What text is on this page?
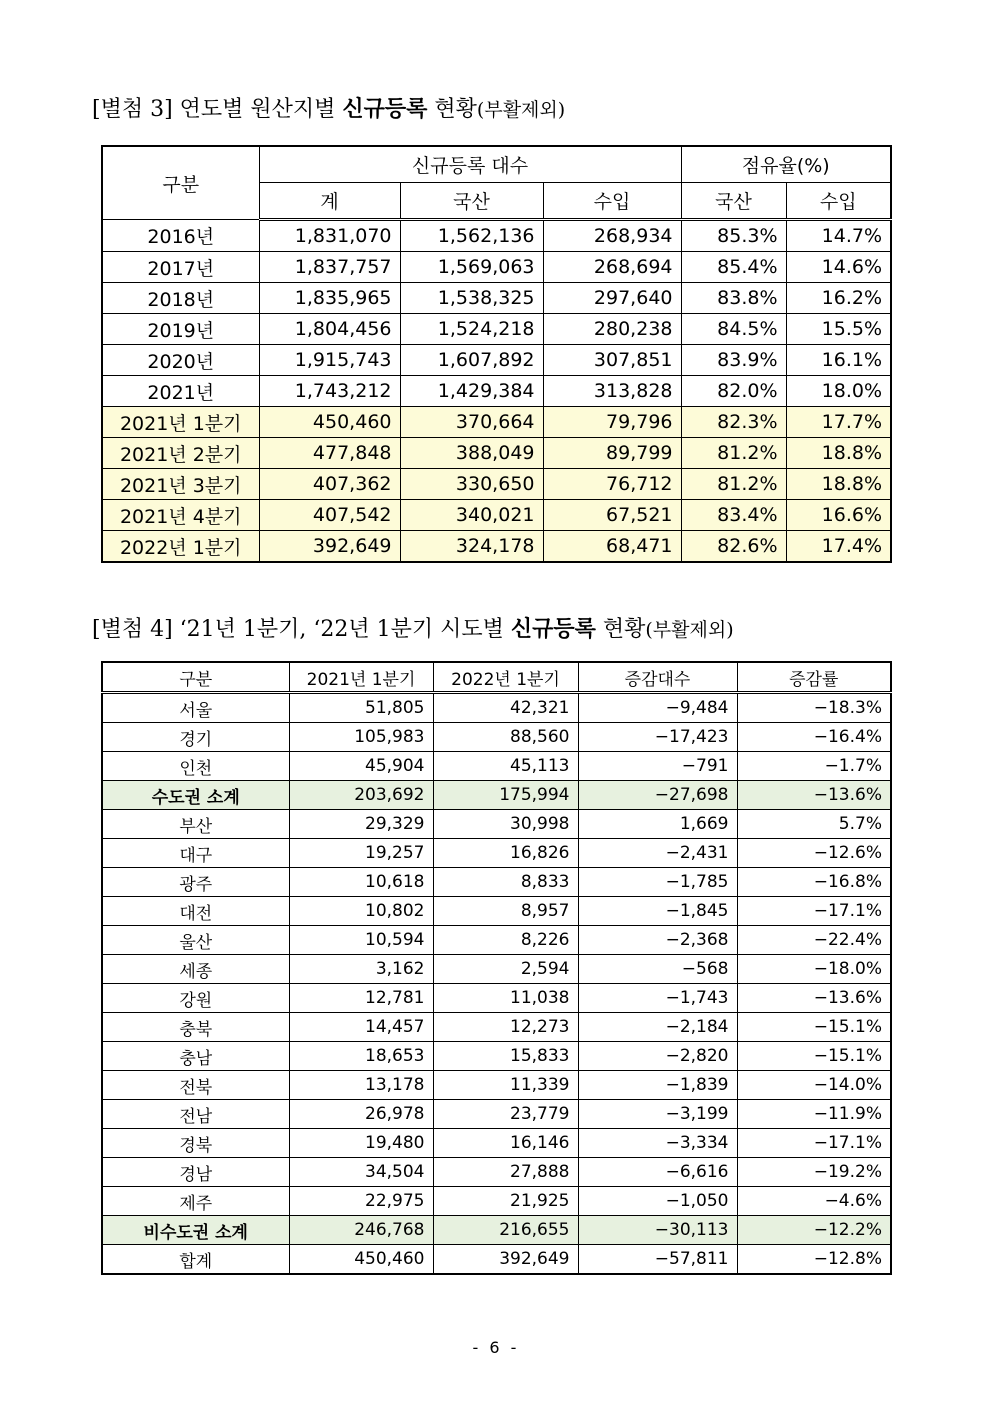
[별첨 3] 연도별 원산지별 신규등록 현황(부활제외)
구분	신규등록 대수			점유율(%)	
	계	국산	수입	국산	수입
2016년	1,831,070	1,562,136	268,934	85.3%	14.7%
2017년	1,837,757	1,569,063	268,694	85.4%	14.6%
2018년	1,835,965	1,538,325	297,640	83.8%	16.2%
2019년	1,804,456	1,524,218	280,238	84.5%	15.5%
2020년	1,915,743	1,607,892	307,851	83.9%	16.1%
2021년	1,743,212	1,429,384	313,828	82.0%	18.0%
2021년 1분기	450,460	370,664	79,796	82.3%	17.7%
2021년 2분기	477,848	388,049	89,799	81.2%	18.8%
2021년 3분기	407,362	330,650	76,712	81.2%	18.8%
2021년 4분기	407,542	340,021	67,521	83.4%	16.6%
2022년 1분기	392,649	324,178	68,471	82.6%	17.4%
[별첨 4] ‘21년 1분기, ‘22년 1분기 시도별 신규등록 현황(부활제외)
구분	2021년 1분기	2022년 1분기	증감대수	증감률
서울	51,805	42,321	−9,484	−18.3%
경기	105,983	88,560	−17,423	−16.4%
인천	45,904	45,113	−791	−1.7%
수도권 소계	203,692	175,994	−27,698	−13.6%
부산	29,329	30,998	1,669	5.7%
대구	19,257	16,826	−2,431	−12.6%
광주	10,618	8,833	−1,785	−16.8%
대전	10,802	8,957	−1,845	−17.1%
울산	10,594	8,226	−2,368	−22.4%
세종	3,162	2,594	−568	−18.0%
강원	12,781	11,038	−1,743	−13.6%
충북	14,457	12,273	−2,184	−15.1%
충남	18,653	15,833	−2,820	−15.1%
전북	13,178	11,339	−1,839	−14.0%
전남	26,978	23,779	−3,199	−11.9%
경북	19,480	16,146	−3,334	−17.1%
경남	34,504	27,888	−6,616	−19.2%
제주	22,975	21,925	−1,050	−4.6%
비수도권 소계	246,768	216,655	−30,113	−12.2%
합계	450,460	392,649	−57,811	−12.8%
- 6 -
